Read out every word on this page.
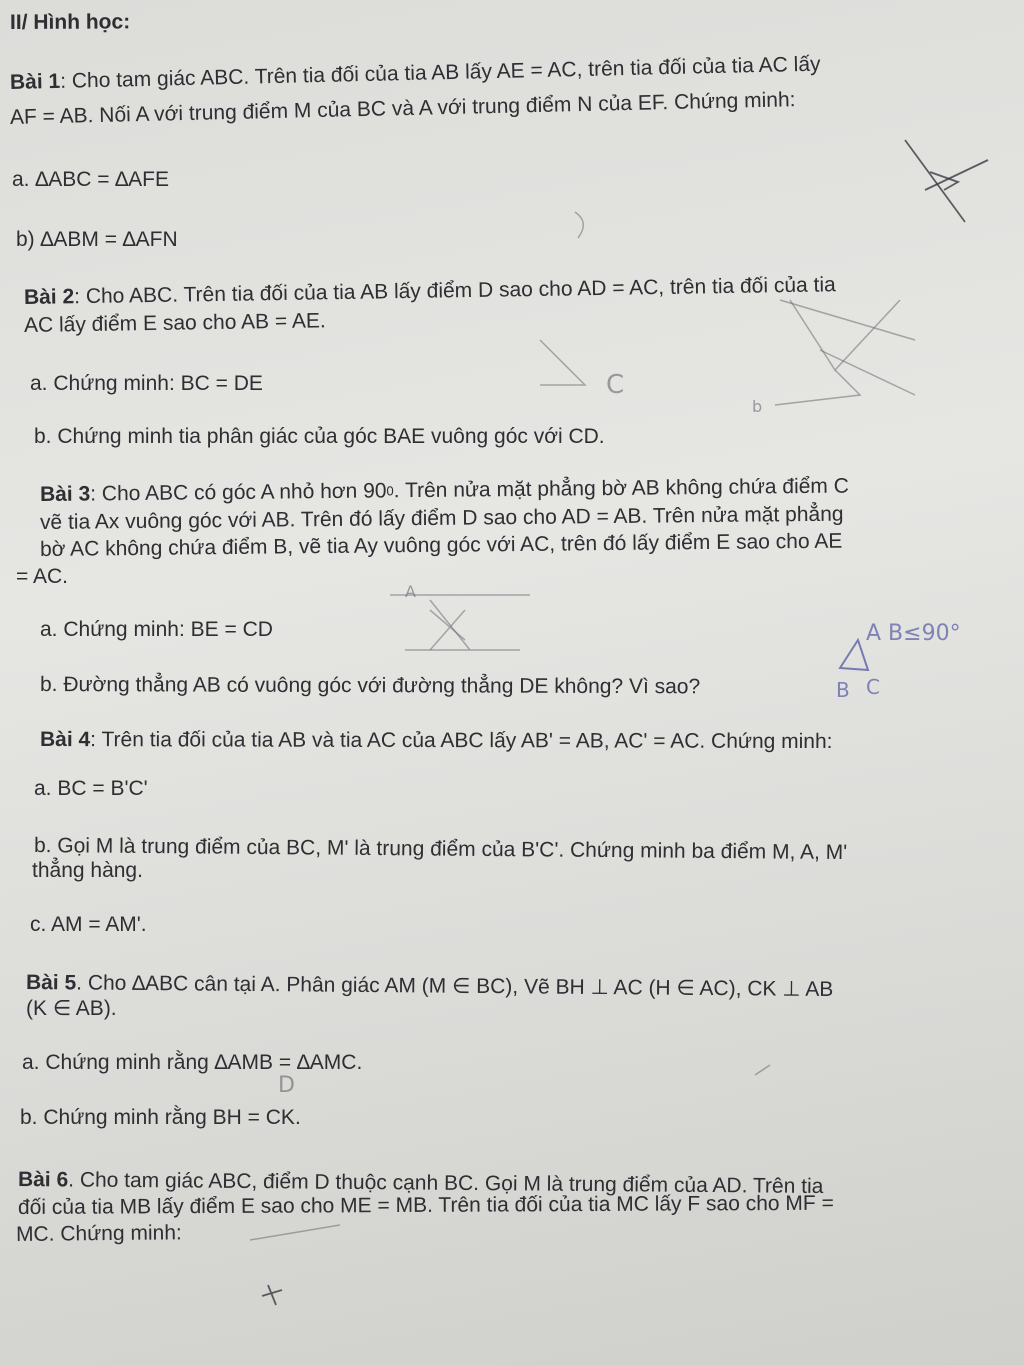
C
b
A
D
A B≤90°
B C
II/ Hình học:
Bài 1: Cho tam giác ABC. Trên tia đối của tia AB lấy AE = AC, trên tia đối của tia AC lấy
AF = AB. Nối A với trung điểm M của BC và A với trung điểm N của EF. Chứng minh:
a. ∆ABC = ∆AFE
b) ∆ABM = ∆AFN
Bài 2: Cho ABC. Trên tia đối của tia AB lấy điểm D sao cho AD = AC, trên tia đối của tia
AC lấy điểm E sao cho AB = AE.
a. Chứng minh: BC = DE
b. Chứng minh tia phân giác của góc BAE vuông góc với CD.
Bài 3: Cho ABC có góc A nhỏ hơn $90^0$. Trên nửa mặt phẳng bờ AB không chứa điểm C
vẽ tia Ax vuông góc với AB. Trên đó lấy điểm D sao cho AD = AB. Trên nửa mặt phẳng
bờ AC không chứa điểm B, vẽ tia Ay vuông góc với AC, trên đó lấy điểm E sao cho AE
= AC.
a. Chứng minh: BE = CD
b. Đường thẳng AB có vuông góc với đường thẳng DE không? Vì sao?
Bài 4: Trên tia đối của tia AB và tia AC của ABC lấy AB' = AB, AC' = AC. Chứng minh:
a. BC = B'C'
b. Gọi M là trung điểm của BC, M' là trung điểm của B'C'. Chứng minh ba điểm M, A, M'
thẳng hàng.
c. AM = AM'.
Bài 5. Cho ∆ABC cân tại A. Phân giác AM (M ∈ BC), Vẽ BH ⊥ AC (H ∈ AC), CK ⊥ AB
(K ∈ AB).
a. Chứng minh rằng ∆AMB = ∆AMC.
b. Chứng minh rằng BH = CK.
Bài 6. Cho tam giác ABC, điểm D thuộc cạnh BC. Gọi M là trung điểm của AD. Trên tia
đối của tia MB lấy điểm E sao cho ME = MB. Trên tia đối của tia MC lấy F sao cho MF =
MC. Chứng minh:
